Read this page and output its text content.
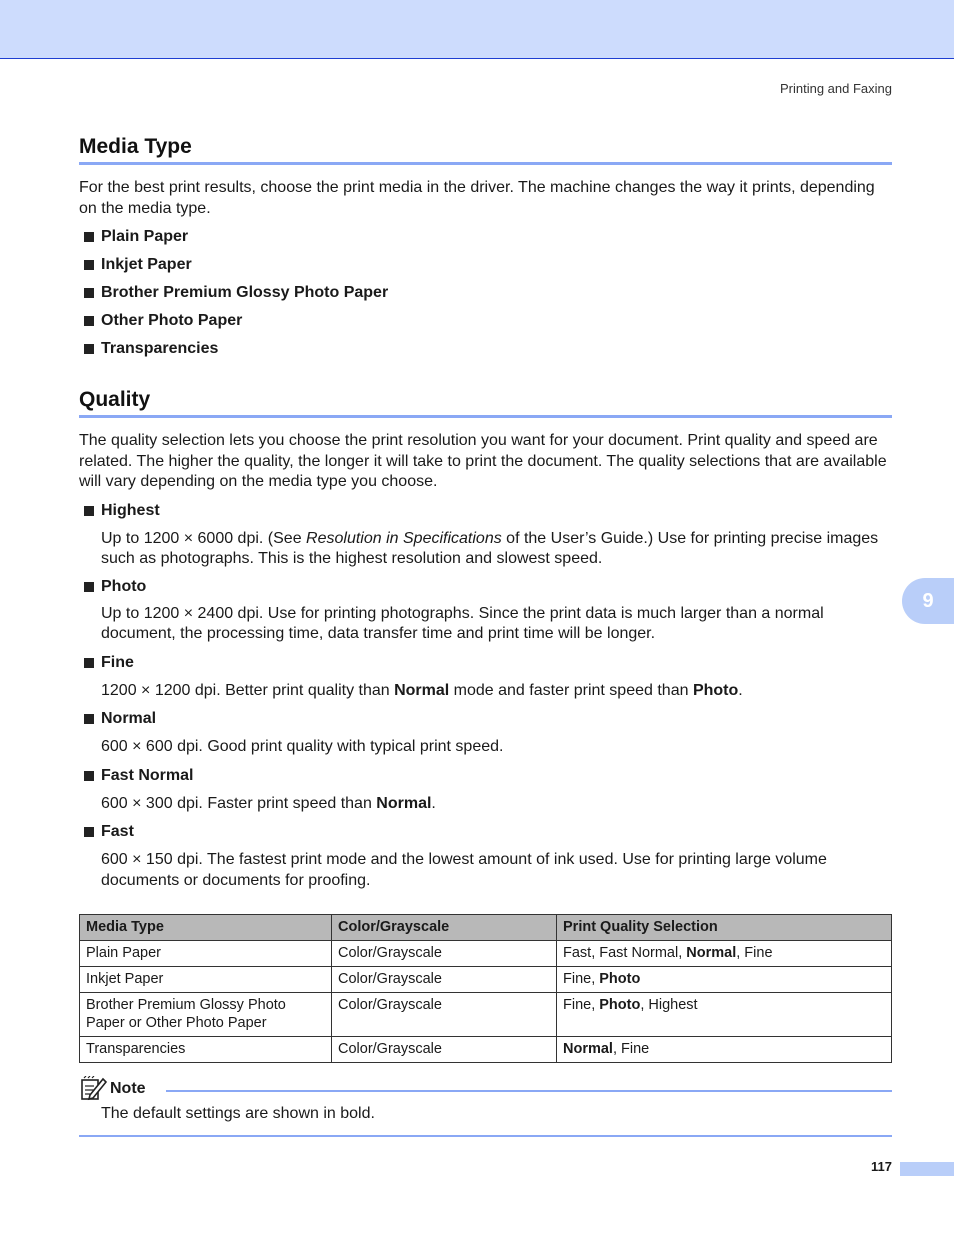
Printing and Faxing
Media Type

For the best print results, choose the print media in the driver. The machine changes the way it prints, depending on the media type.

Plain Paper
Inkjet Paper
Brother Premium Glossy Photo Paper
Other Photo Paper
Transparencies
Quality

The quality selection lets you choose the print resolution you want for your document. Print quality and speed are related. The higher the quality, the longer it will take to print the document. The quality selections that are available will vary depending on the media type you choose.

Highest
Up to 1200 × 6000 dpi. (See Resolution in Specifications of the User’s Guide.) Use for printing precise images such as photographs. This is the highest resolution and slowest speed.
Photo
Up to 1200 × 2400 dpi. Use for printing photographs. Since the print data is much larger than a normal document, the processing time, data transfer time and print time will be longer.
Fine
1200 × 1200 dpi. Better print quality than Normal mode and faster print speed than Photo.
Normal
600 × 600 dpi. Good print quality with typical print speed.
Fast Normal
600 × 300 dpi. Faster print speed than Normal.
Fast
600 × 150 dpi. The fastest print mode and the lowest amount of ink used. Use for printing large volume documents or documents for proofing.
Media Type	Color/Grayscale	Print Quality Selection
Plain Paper	Color/Grayscale	Fast, Fast Normal, Normal, Fine
Inkjet Paper	Color/Grayscale	Fine, Photo
Brother Premium Glossy Photo
Paper or Other Photo Paper	Color/Grayscale	Fine, Photo, Highest
Transparencies	Color/Grayscale	Normal, Fine
Note
The default settings are shown in bold.
9
117
